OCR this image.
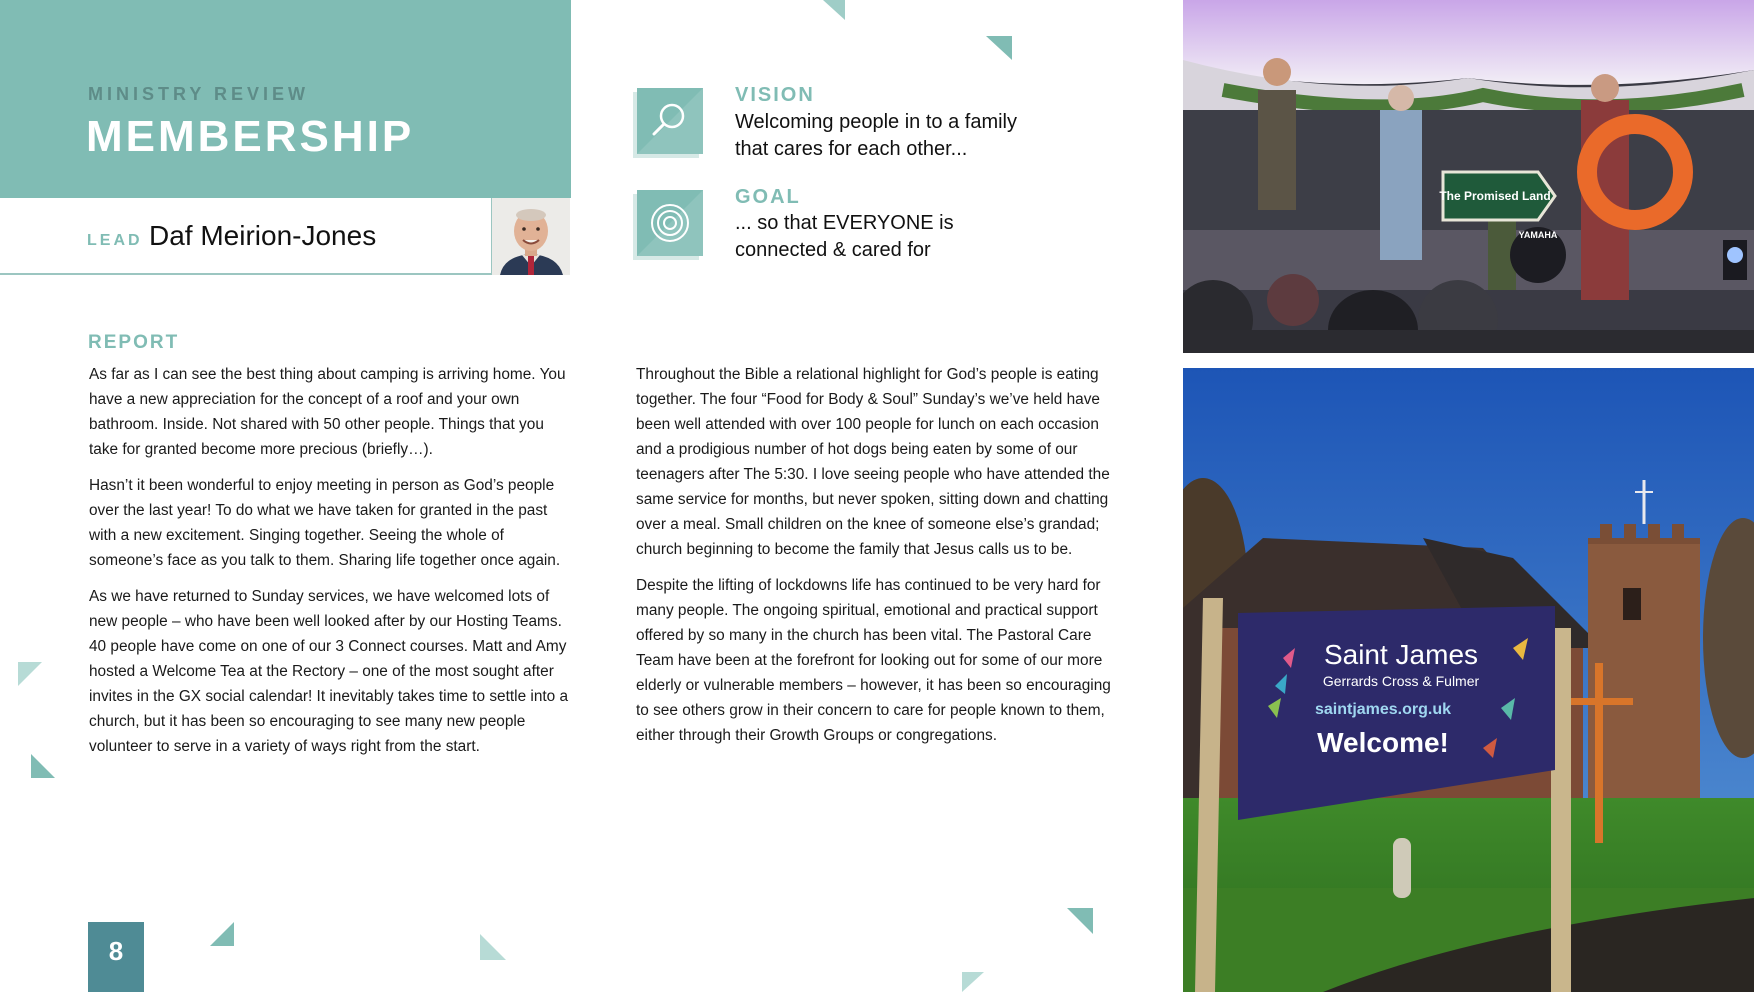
MINISTRY REVIEW
MEMBERSHIP
LEAD Daf Meirion-Jones
VISION
Welcoming people in to a family that cares for each other...
GOAL
... so that EVERYONE is connected & cared for
REPORT

As far as I can see the best thing about camping is arriving home. You have a new appreciation for the concept of a roof and your own bathroom. Inside. Not shared with 50 other people. Things that you take for granted become more precious (briefly…).

Hasn’t it been wonderful to enjoy meeting in person as God’s people over the last year! To do what we have taken for granted in the past with a new excitement. Singing together. Seeing the whole of someone’s face as you talk to them. Sharing life together once again.

As we have returned to Sunday services, we have welcomed lots of new people – who have been well looked after by our Hosting Teams. 40 people have come on one of our 3 Connect courses. Matt and Amy hosted a Welcome Tea at the Rectory – one of the most sought after invites in the GX social calendar! It inevitably takes time to settle into a church, but it has been so encouraging to see many new people volunteer to serve in a variety of ways right from the start.

Throughout the Bible a relational highlight for God’s people is eating together. The four “Food for Body & Soul” Sunday’s we’ve held have been well attended with over 100 people for lunch on each occasion and a prodigious number of hot dogs being eaten by some of our teenagers after The 5:30. I love seeing people who have attended the same service for months, but never spoken, sitting down and chatting over a meal. Small children on the knee of someone else’s grandad; church beginning to become the family that Jesus calls us to be.

Despite the lifting of lockdowns life has continued to be very hard for many people. The ongoing spiritual, emotional and practical support offered by so many in the church has been vital. The Pastoral Care Team have been at the forefront for looking out for some of our more elderly or vulnerable members – however, it has been so encouraging to see others grow in their concern to care for people known to them, either through their Growth Groups or congregations.

8
The Promised Land
YAMAHA
Saint James
Gerrards Cross & Fulmer
saintjames.org.uk
Welcome!
